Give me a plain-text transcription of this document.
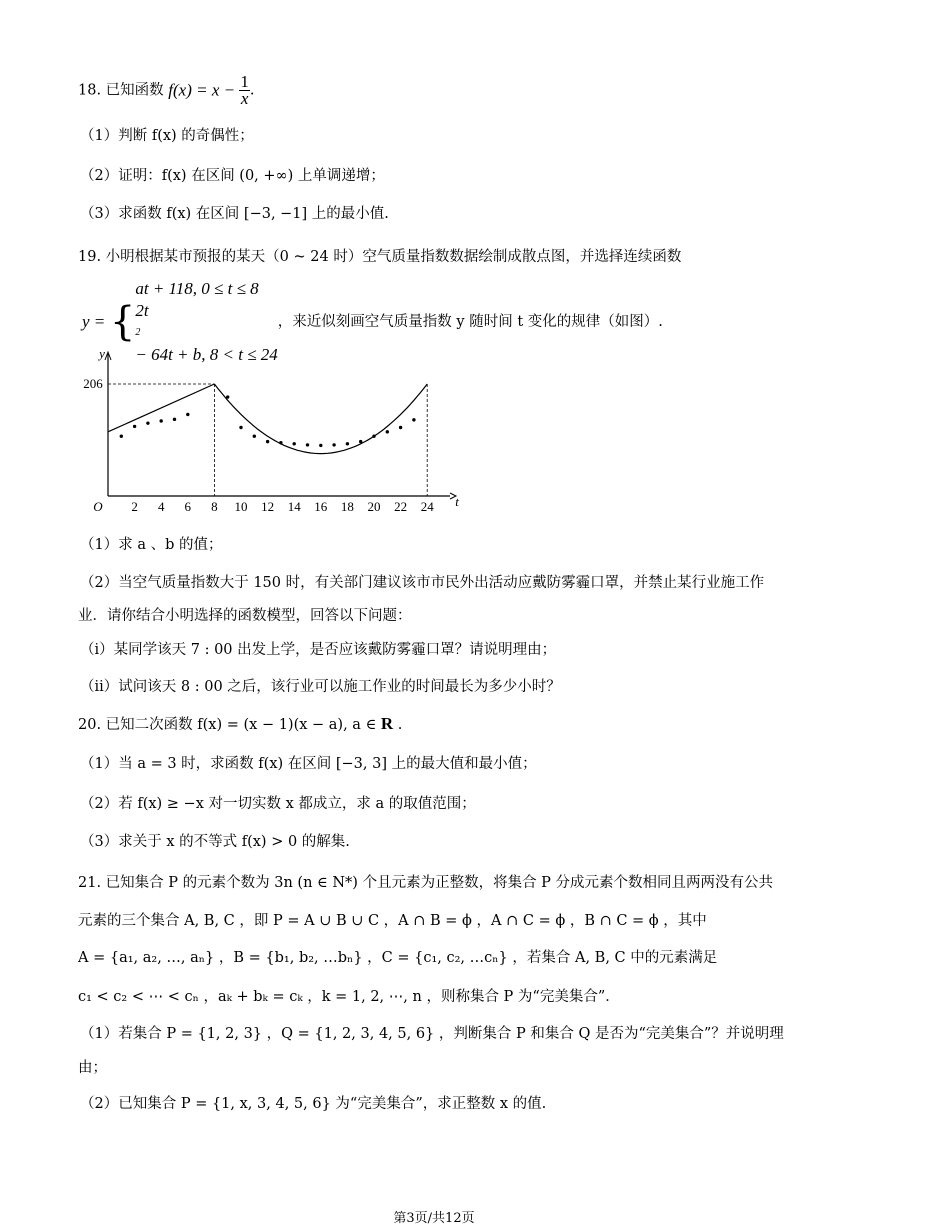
18. 已知函数 $f(x) = x - \frac{1}{x}$ .
（1）判断 f(x) 的奇偶性；
（2）证明：f(x) 在区间 (0, +∞) 上单调递增；
（3）求函数 f(x) 在区间 [−3, −1] 上的最小值.
19. 小明根据某市预报的某天（0 ~ 24 时）空气质量指数数据绘制成散点图，并选择连续函数
y = {
at + 118, 0 ≤ t ≤ 8
2t
2
− 64t + b, 8 < t ≤ 24
，来近似刻画空气质量指数 y 随时间 t 变化的规律（如图）.
t
y
O 2 4 6 8 10 12 14 16 18 20 22 24
206
（1）求 a 、b 的值；
（2）当空气质量指数大于 150 时，有关部门建议该市市民外出活动应戴防雾霾口罩，并禁止某行业施工作
业．请你结合小明选择的函数模型，回答以下问题：
（i）某同学该天 7 : 00 出发上学，是否应该戴防雾霾口罩？请说明理由；
（ii）试问该天 8 : 00 之后，该行业可以施工作业的时间最长为多少小时？
20. 已知二次函数 f(x) = (x − 1)(x − a), a ∈ R .
（1）当 a = 3 时，求函数 f(x) 在区间 [−3, 3] 上的最大值和最小值；
（2）若 f(x) ≥ −x 对一切实数 x 都成立，求 a 的取值范围；
（3）求关于 x 的不等式 f(x) > 0 的解集.
21. 已知集合 P 的元素个数为 3n (n ∈ N*) 个且元素为正整数，将集合 P 分成元素个数相同且两两没有公共
元素的三个集合 A, B, C ，即 P = A ∪ B ∪ C ，A ∩ B = ϕ ，A ∩ C = ϕ ，B ∩ C = ϕ ，其中
A = {a₁, a₂, …, aₙ} ，B = {b₁, b₂, …bₙ} ，C = {c₁, c₂, …cₙ} ，若集合 A, B, C 中的元素满足
c₁ < c₂ < ⋯ < cₙ ，aₖ + bₖ = cₖ ，k = 1, 2, ⋯, n ，则称集合 P 为“完美集合”．
（1）若集合 P = {1, 2, 3} ，Q = {1, 2, 3, 4, 5, 6} ，判断集合 P 和集合 Q 是否为“完美集合”？并说明理
由；
（2）已知集合 P = {1, x, 3, 4, 5, 6} 为“完美集合”，求正整数 x 的值.
第3页/共12页
